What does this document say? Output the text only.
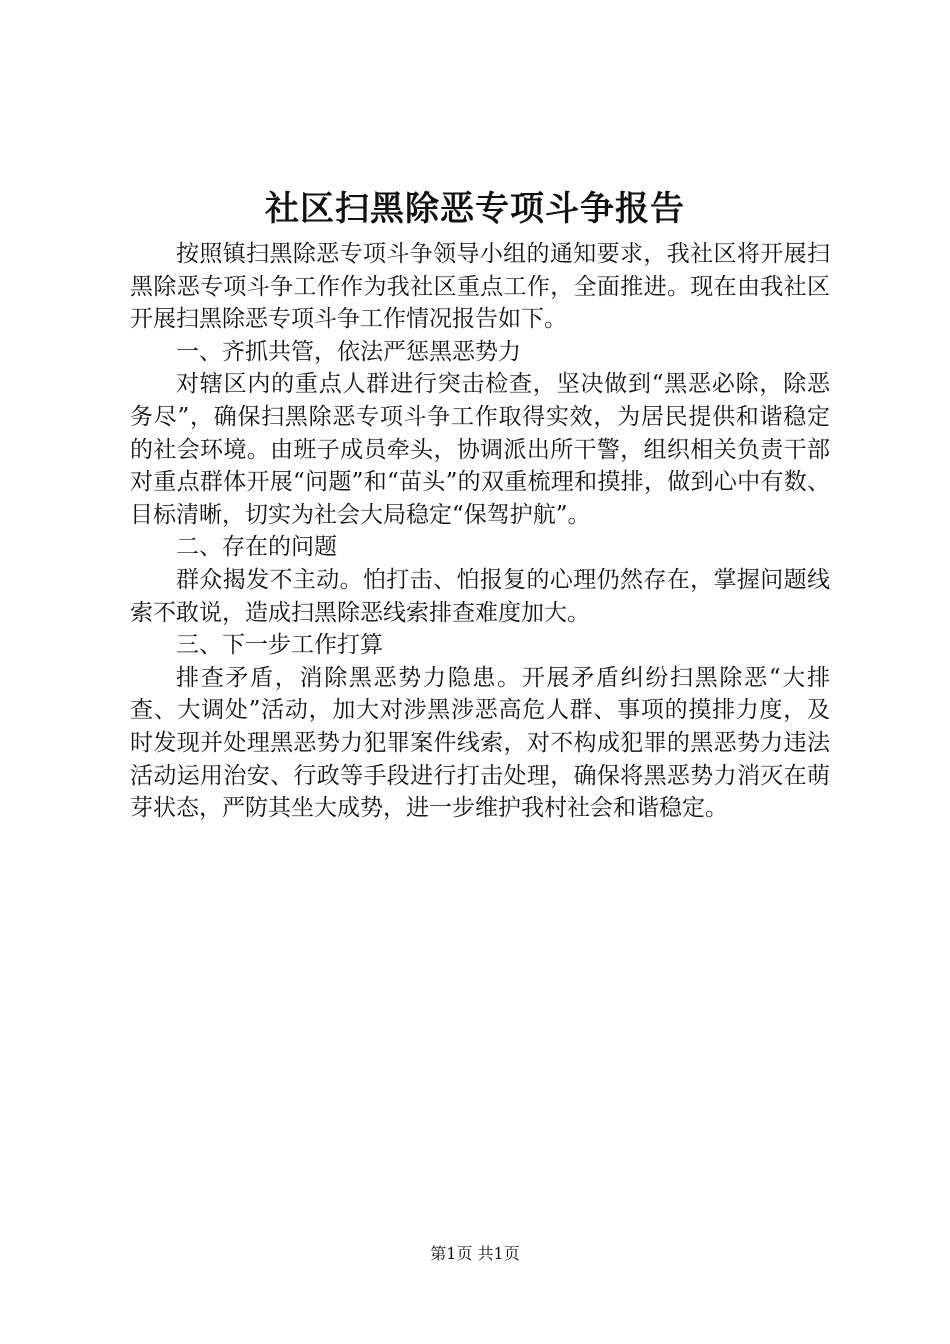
社区扫黑除恶专项斗争报告

按照镇扫黑除恶专项斗争领导小组的通知要求，我社区将开展扫黑除恶专项斗争工作作为我社区重点工作，全面推进。现在由我社区开展扫黑除恶专项斗争工作情况报告如下。

一、齐抓共管，依法严惩黑恶势力

对辖区内的重点人群进行突击检查，坚决做到“黑恶必除，除恶务尽”，确保扫黑除恶专项斗争工作取得实效，为居民提供和谐稳定的社会环境。由班子成员牵头，协调派出所干警，组织相关负责干部对重点群体开展“问题”和“苗头”的双重梳理和摸排，做到心中有数、目标清晰，切实为社会大局稳定“保驾护航”。

二、存在的问题

群众揭发不主动。怕打击、怕报复的心理仍然存在，掌握问题线索不敢说，造成扫黑除恶线索排查难度加大。

三、下一步工作打算

排查矛盾，消除黑恶势力隐患。开展矛盾纠纷扫黑除恶“大排查、大调处”活动，加大对涉黑涉恶高危人群、事项的摸排力度，及时发现并处理黑恶势力犯罪案件线索，对不构成犯罪的黑恶势力违法活动运用治安、行政等手段进行打击处理，确保将黑恶势力消灭在萌芽状态，严防其坐大成势，进一步维护我村社会和谐稳定。

第1页 共1页
